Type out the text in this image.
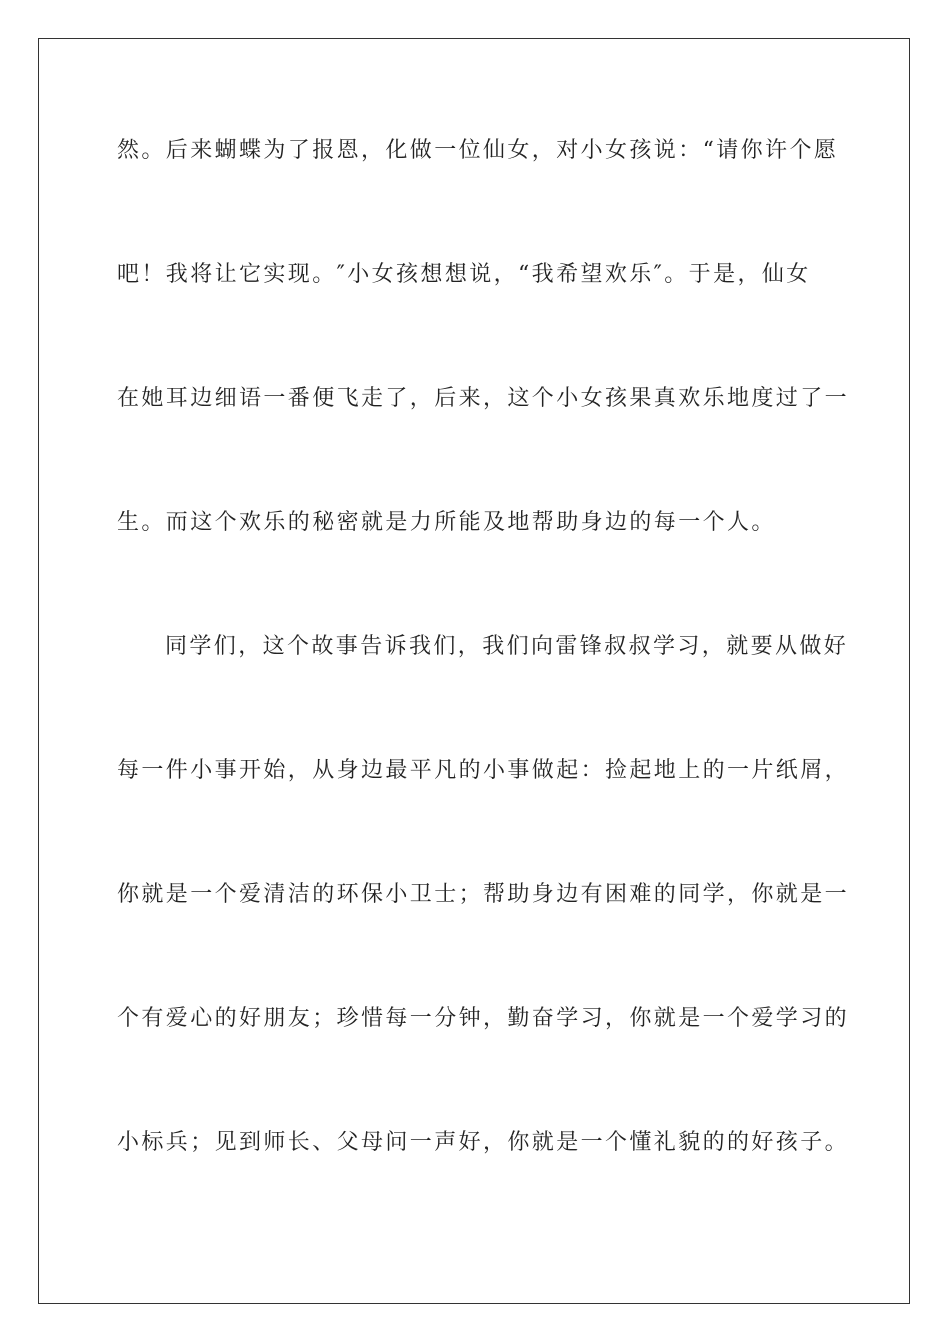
然。后来蝴蝶为了报恩，化做一位仙女，对小女孩说：“请你许个愿
吧！我将让它实现。″小女孩想想说，“我希望欢乐″。于是，仙女
在她耳边细语一番便飞走了，后来，这个小女孩果真欢乐地度过了一
生。而这个欢乐的秘密就是力所能及地帮助身边的每一个人。
同学们，这个故事告诉我们，我们向雷锋叔叔学习，就要从做好
每一件小事开始，从身边最平凡的小事做起：捡起地上的一片纸屑，
你就是一个爱清洁的环保小卫士；帮助身边有困难的同学，你就是一
个有爱心的好朋友；珍惜每一分钟，勤奋学习，你就是一个爱学习的
小标兵；见到师长、父母问一声好，你就是一个懂礼貌的的好孩子。
